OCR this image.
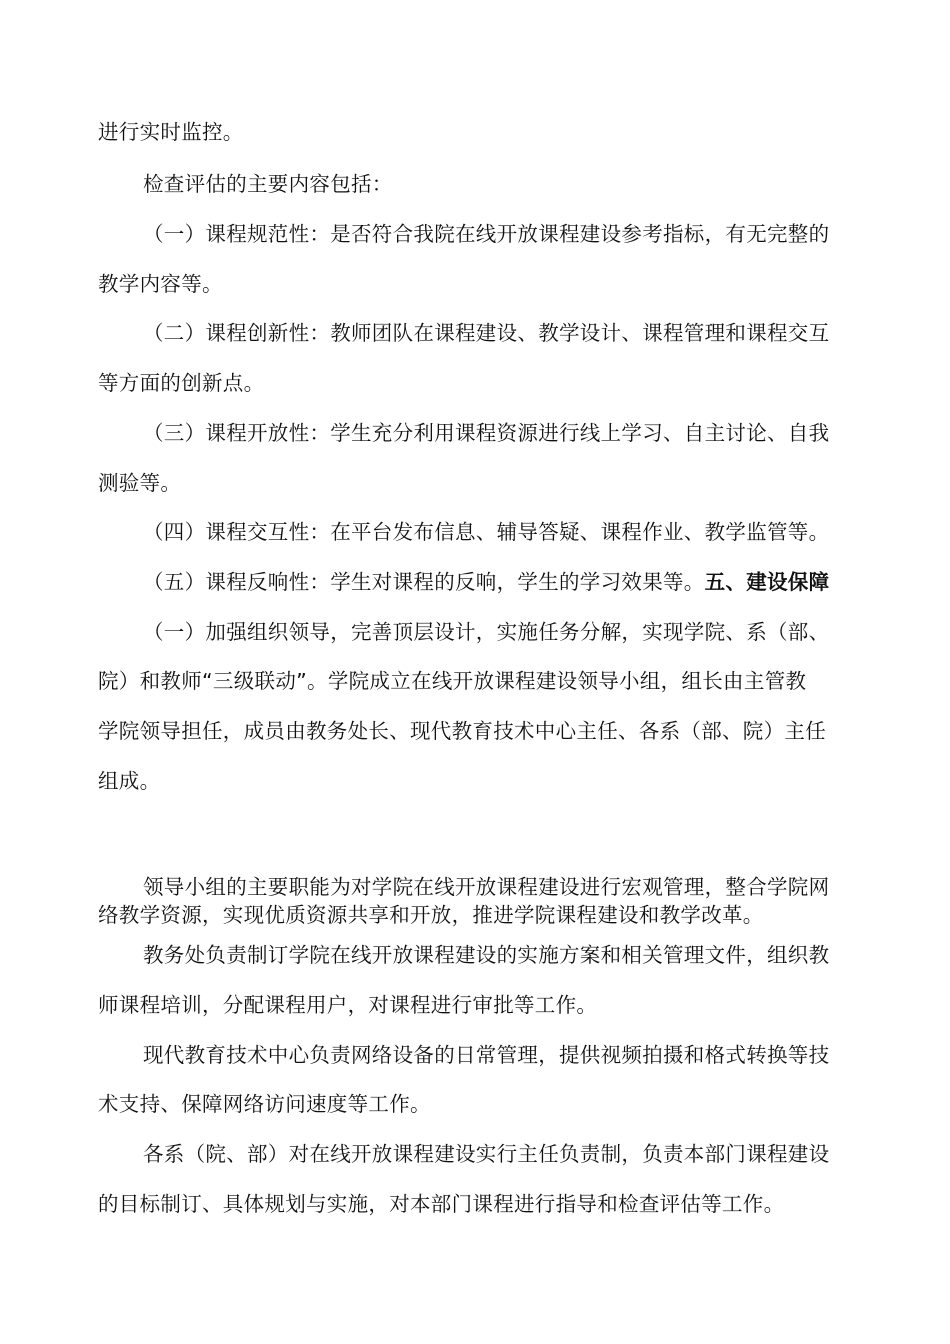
进行实时监控。
检查评估的主要内容包括：
（一）课程规范性：是否符合我院在线开放课程建设参考指标，有无完整的
教学内容等。
（二）课程创新性：教师团队在课程建设、教学设计、课程管理和课程交互
等方面的创新点。
（三）课程开放性：学生充分利用课程资源进行线上学习、自主讨论、自我
测验等。
（四）课程交互性：在平台发布信息、辅导答疑、课程作业、教学监管等。
（五）课程反响性：学生对课程的反响，学生的学习效果等。五、建设保障
（一）加强组织领导，完善顶层设计，实施任务分解，实现学院、系（部、
院）和教师“三级联动”。学院成立在线开放课程建设领导小组，组长由主管教
学院领导担任，成员由教务处长、现代教育技术中心主任、各系（部、院）主任
组成。
领导小组的主要职能为对学院在线开放课程建设进行宏观管理，整合学院网
络教学资源，实现优质资源共享和开放，推进学院课程建设和教学改革。
教务处负责制订学院在线开放课程建设的实施方案和相关管理文件，组织教
师课程培训，分配课程用户，对课程进行审批等工作。
现代教育技术中心负责网络设备的日常管理，提供视频拍摄和格式转换等技
术支持、保障网络访问速度等工作。
各系（院、部）对在线开放课程建设实行主任负责制，负责本部门课程建设
的目标制订、具体规划与实施，对本部门课程进行指导和检查评估等工作。
